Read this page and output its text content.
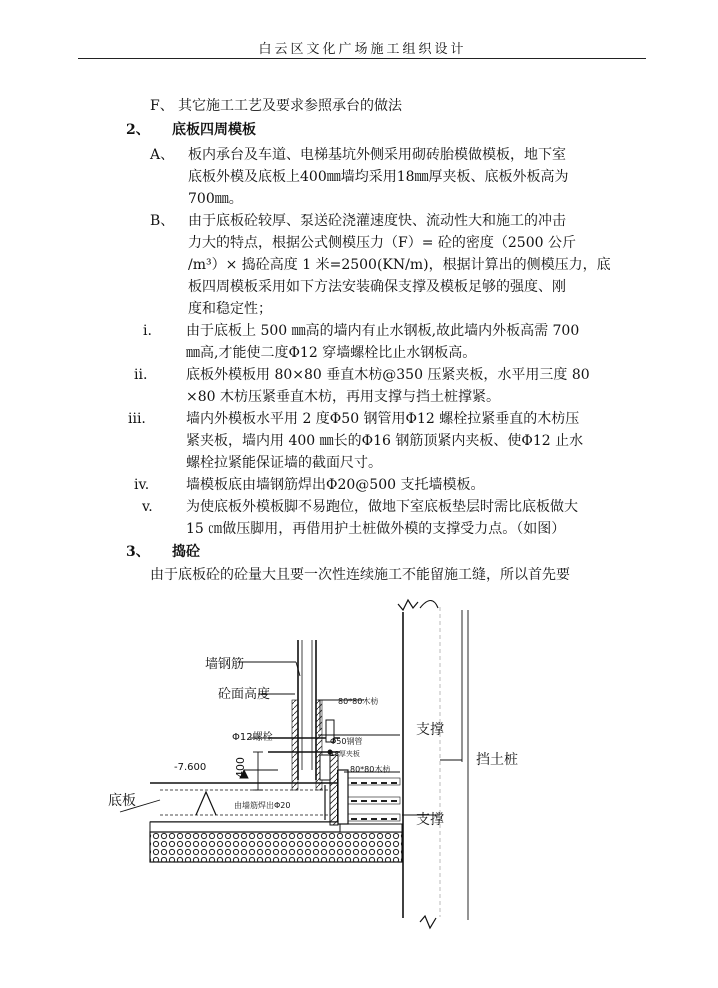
白云区文化广场施工组织设计
F、 其它施工工艺及要求参照承台的做法
2、 底板四周模板
A、 板内承台及车道、电梯基坑外侧采用砌砖胎模做模板，地下室
底板外模及底板上400㎜墙均采用18㎜厚夹板、底板外板高为
700㎜。
B、 由于底板砼较厚、泵送砼浇灌速度快、流动性大和施工的冲击
力大的特点，根据公式侧模压力（F）= 砼的密度（2500 公斤
/m³）× 捣砼高度 1 米=2500(KN/m)，根据计算出的侧模压力，底
板四周模板采用如下方法安装确保支撑及模板足够的强度、刚
度和稳定性；
i. 由于底板上 500 ㎜高的墙内有止水钢板,故此墙内外板高需 700
㎜高,才能使二度Φ12 穿墙螺栓比止水钢板高。
ii.	底板外模板用 80×80 垂直木枋@350 压紧夹板，水平用三度 80
×80 木枋压紧垂直木枋，再用支撑与挡土桩撑紧。
iii.	墙内外模板水平用 2 度Φ50 钢管用Φ12 螺栓拉紧垂直的木枋压
紧夹板，墙内用 400 ㎜长的Φ16 钢筋顶紧内夹板、使Φ12 止水
螺栓拉紧能保证墙的截面尺寸。
iv.	墙模板底由墙钢筋焊出Φ20@500 支托墙模板。
v. 为使底板外模板脚不易跑位，做地下室底板垫层时需比底板做大
15 ㎝做压脚用，再借用护土桩做外模的支撑受力点。（如图）
3、 捣砼
由于底板砼的砼量大且要一次性连续施工不能留施工缝，所以首先要
墙钢筋
砼面高度	80*80木枋
Φ12螺栓	Φ50钢管
18厚夹板
80*80木枋
-7.600	400
底板	由墙筋焊出Φ20
支撑
支撑
挡土桩
